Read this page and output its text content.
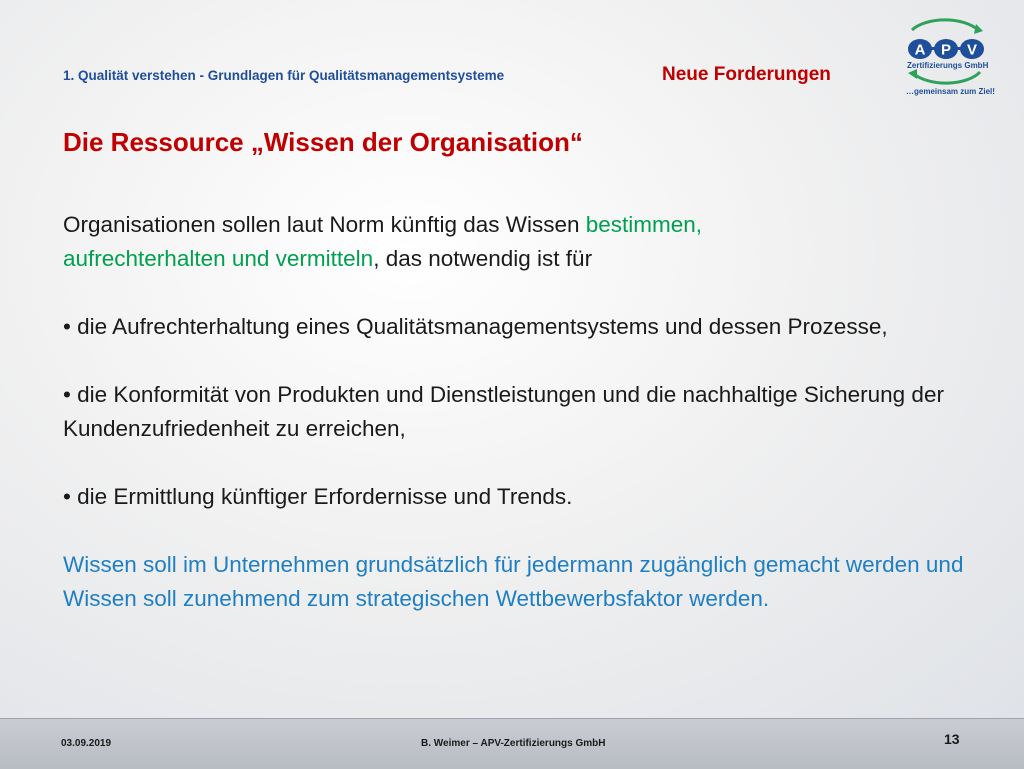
1. Qualität verstehen - Grundlagen für Qualitätsmanagementsysteme	Neue Forderungen
A P V
Zertifizierungs GmbH
…gemeinsam zum Ziel!
Die Ressource „Wissen der Organisation“

Organisationen sollen laut Norm künftig das Wissen bestimmen,
aufrechterhalten und vermitteln, das notwendig ist für

• die Aufrechterhaltung eines Qualitätsmanagementsystems und dessen Prozesse,

• die Konformität von Produkten und Dienstleistungen und die nachhaltige Sicherung der Kundenzufriedenheit zu erreichen,

• die Ermittlung künftiger Erfordernisse und Trends.

Wissen soll im Unternehmen grundsätzlich für jedermann zugänglich gemacht werden und Wissen soll zunehmend zum strategischen Wettbewerbsfaktor werden.

03.09.2019	B. Weimer – APV-Zertifizierungs GmbH	13
